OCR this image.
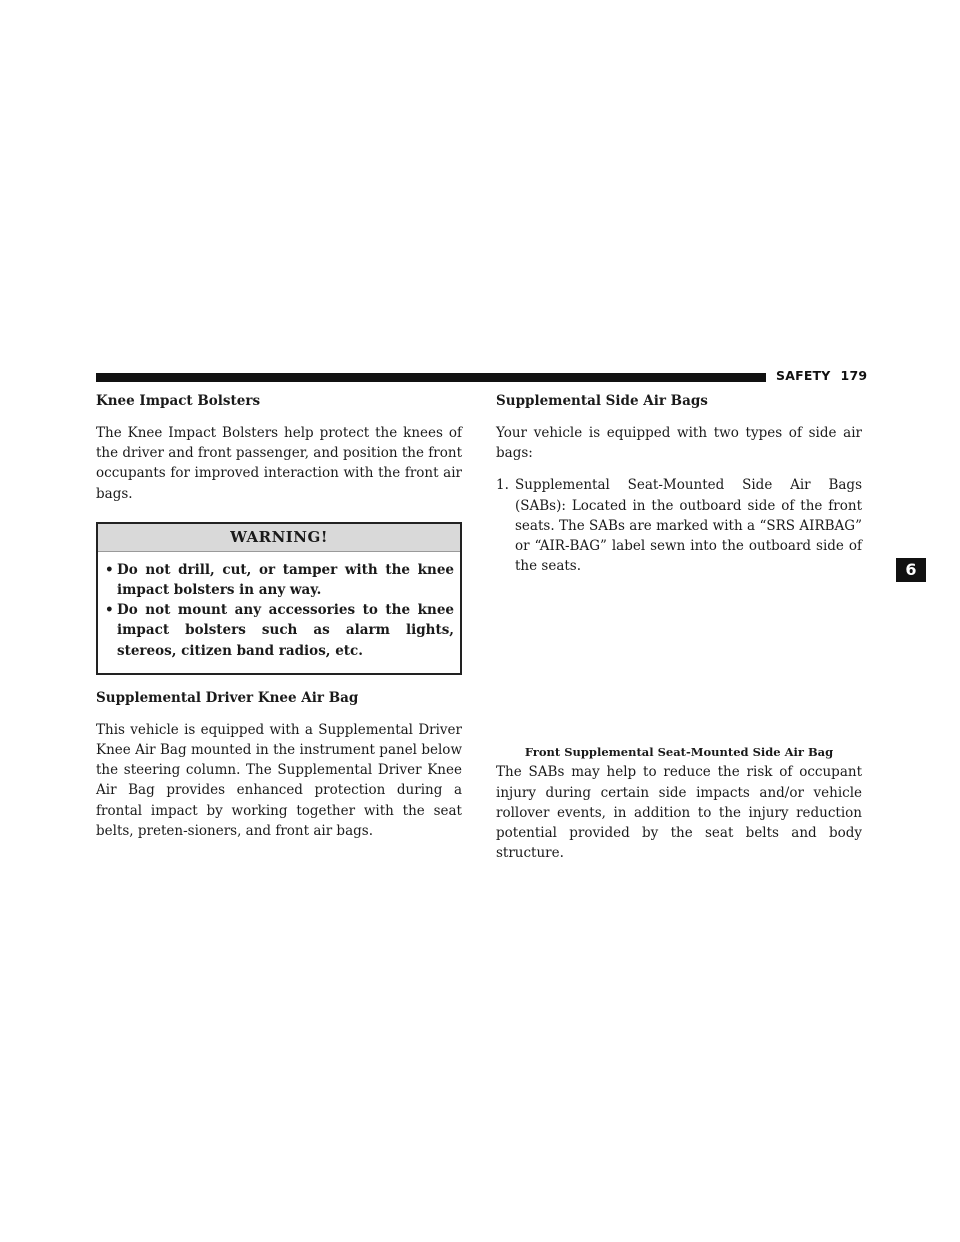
SAFETY 179
6
Knee Impact Bolsters

The Knee Impact Bolsters help protect the knees of the driver and front passenger, and position the front occupants for improved interaction with the front air bags.

WARNING!
• Do not drill, cut, or tamper with the knee impact bolsters in any way.
• Do not mount any accessories to the knee impact bolsters such as alarm lights, stereos, citizen band radios, etc.
Supplemental Driver Knee Air Bag

This vehicle is equipped with a Supplemental Driver Knee Air Bag mounted in the instrument panel below the steering column. The Supplemental Driver Knee Air Bag provides enhanced protection during a frontal impact by working together with the seat belts, preten-sioners, and front air bags.

Supplemental Side Air Bags

Your vehicle is equipped with two types of side air bags:

1. Supplemental Seat-Mounted Side Air Bags (SABs): Located in the outboard side of the front seats. The SABs are marked with a “SRS AIRBAG” or “AIR-BAG” label sewn into the outboard side of the seats.
Front Supplemental Seat-Mounted Side Air Bag

The SABs may help to reduce the risk of occupant injury during certain side impacts and/or vehicle rollover events, in addition to the injury reduction potential provided by the seat belts and body structure.
